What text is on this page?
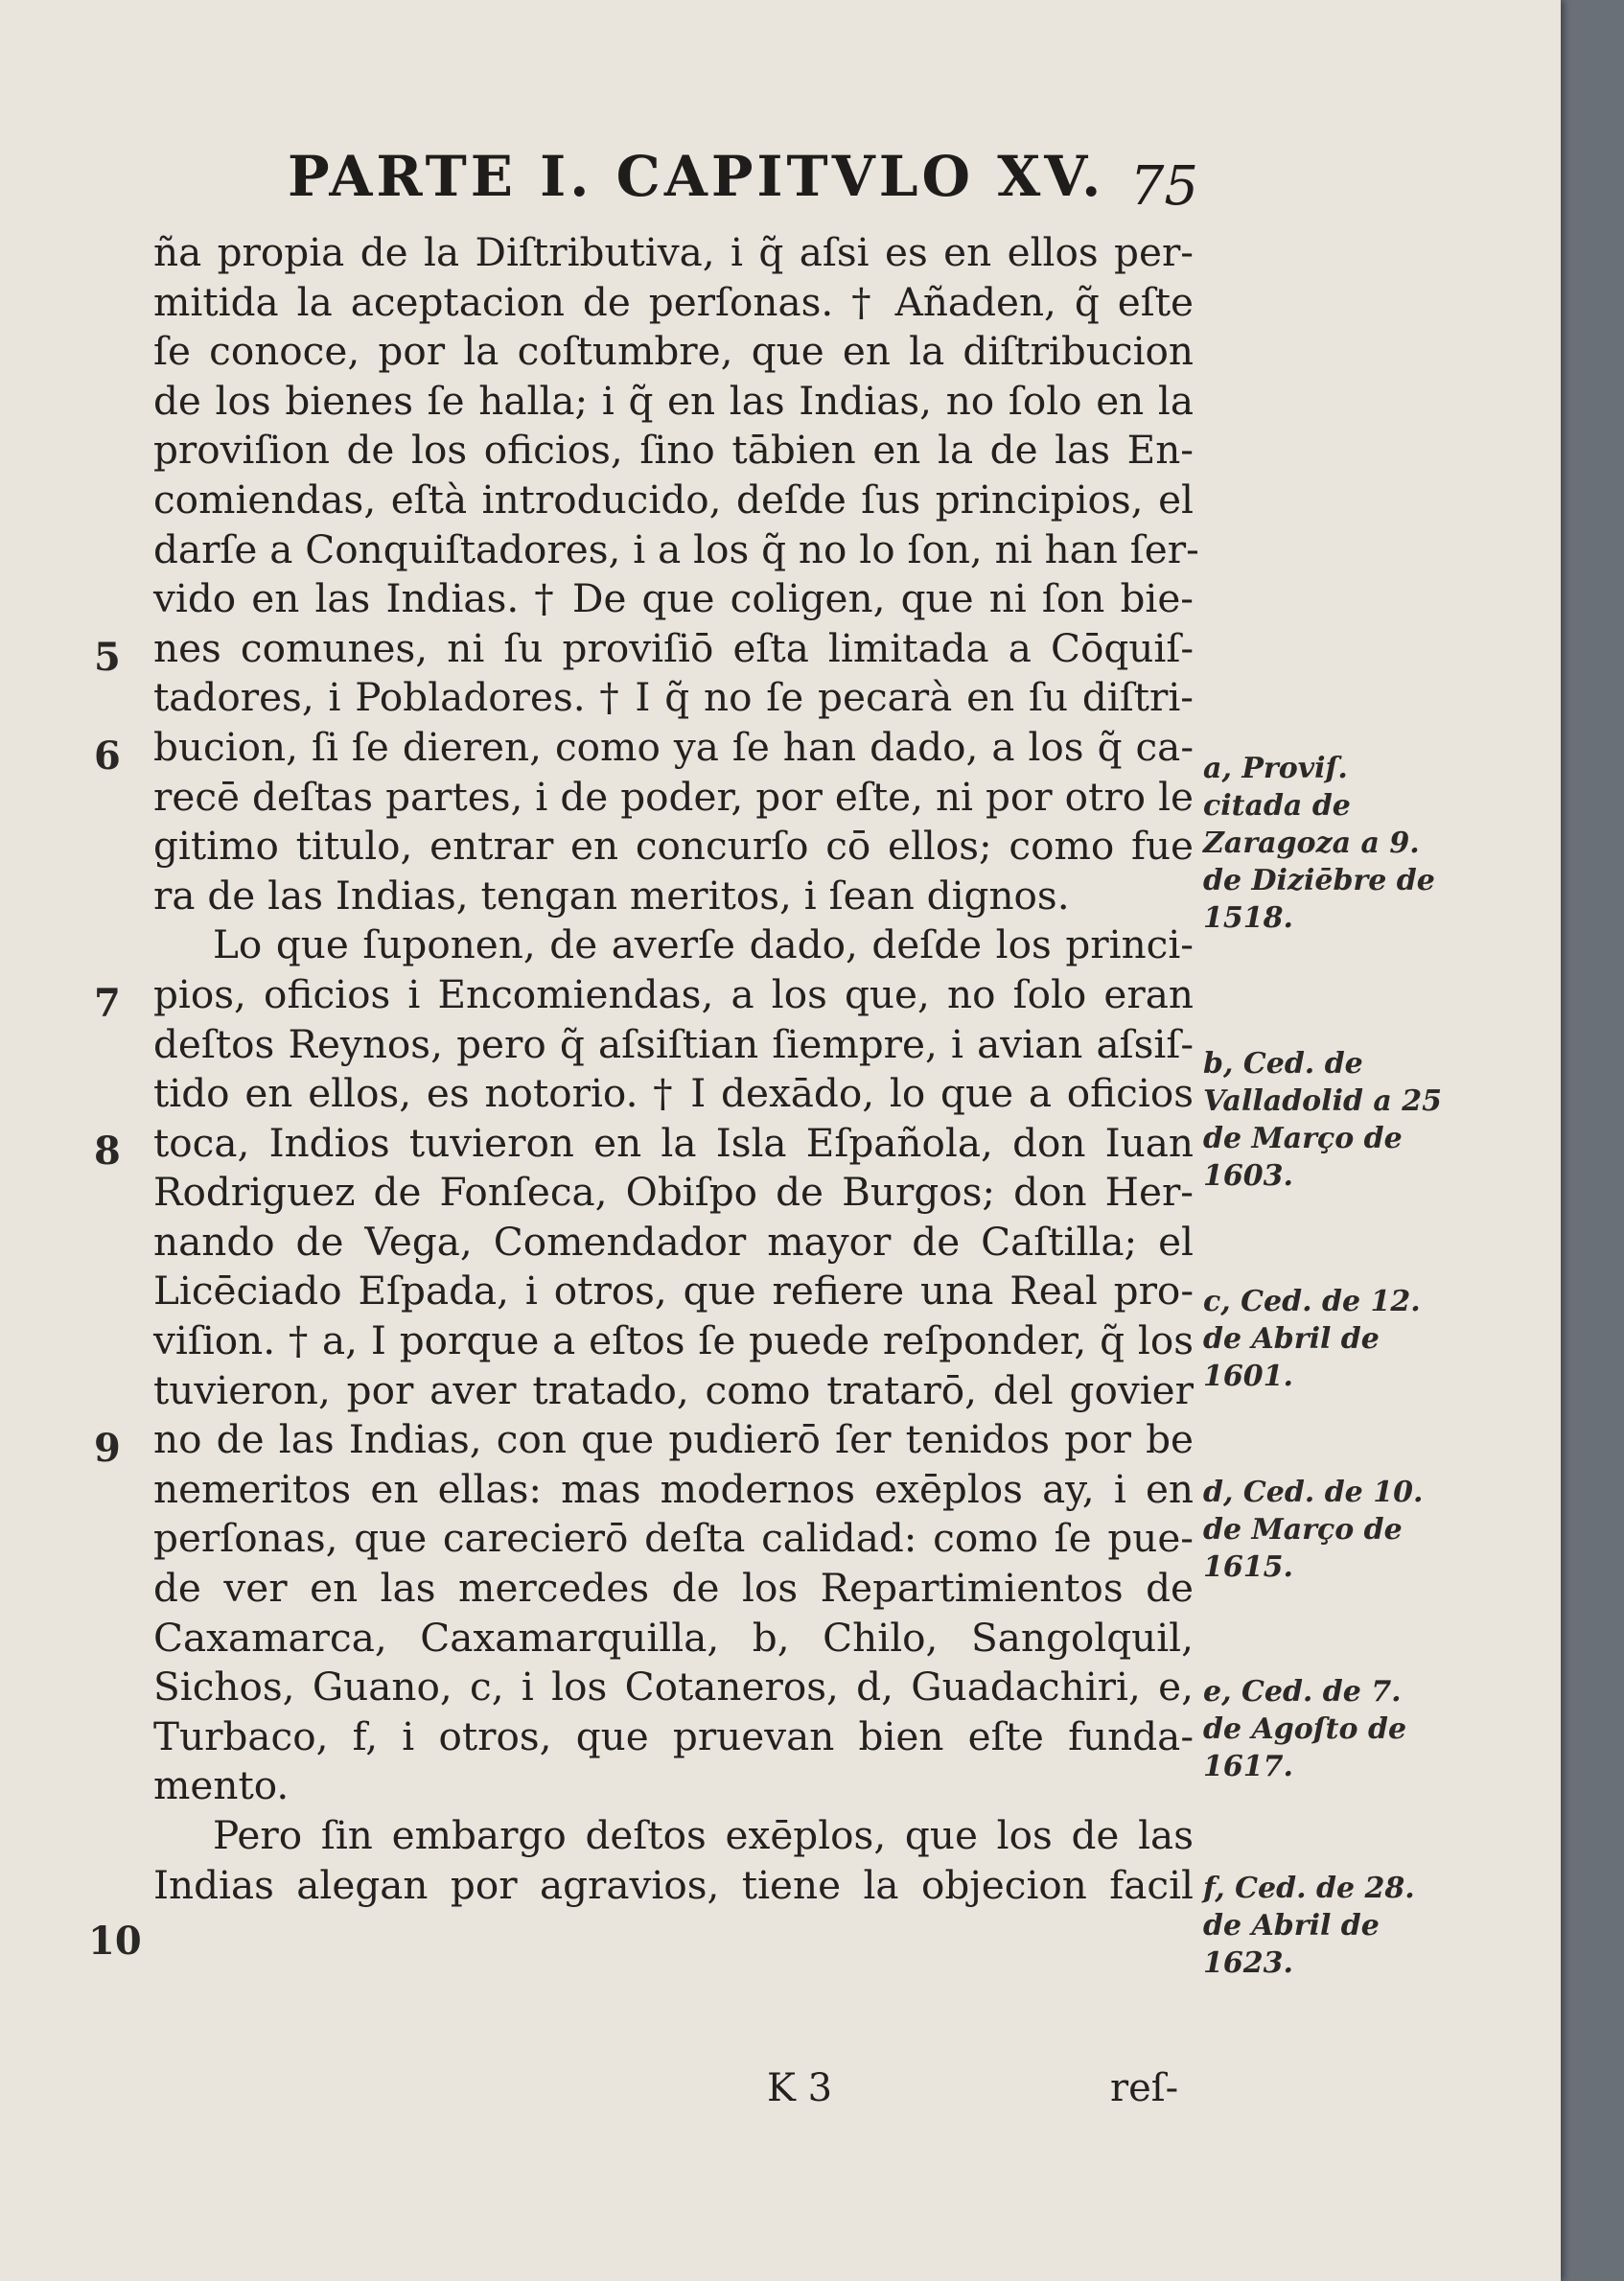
PARTE I. CAPITVLO XV. 75
5
6
7
8
9
10
ña propia de la Diſtributiva, i q̃ aſsi es en ellos per-
mitida la aceptacion de perſonas. † Añaden, q̃ eſte
ſe conoce, por la coſtumbre, que en la diſtribucion
de los bienes ſe halla; i q̃ en las Indias, no ſolo en la
proviſion de los oficios, ſino tābien en la de las En-
comiendas, eſtà introducido, deſde ſus principios, el
darſe a Conquiſtadores, i a los q̃ no lo ſon, ni han ſer-
vido en las Indias. † De que coligen, que ni ſon bie-
nes comunes, ni ſu proviſiō eſta limitada a Cōquiſ-
tadores, i Pobladores. † I q̃ no ſe pecarà en ſu diſtri-
bucion, ſi ſe dieren, como ya ſe han dado, a los q̃ ca-
recē deſtas partes, i de poder, por eſte, ni por otro le
gitimo titulo, entrar en concurſo cō ellos; como fue
ra de las Indias, tengan meritos, i ſean dignos.
Lo que ſuponen, de averſe dado, deſde los princi-
pios, oficios i Encomiendas, a los que, no ſolo eran
deſtos Reynos, pero q̃ aſsiſtian ſiempre, i avian aſsiſ-
tido en ellos, es notorio. † I dexādo, lo que a oficios
toca, Indios tuvieron en la Isla Eſpañola, don Iuan
Rodriguez de Fonſeca, Obiſpo de Burgos; don Her-
nando de Vega, Comendador mayor de Caſtilla; el
Licēciado Eſpada, i otros, que refiere una Real pro-
viſion. † a, I porque a eſtos ſe puede reſponder, q̃ los
tuvieron, por aver tratado, como tratarō, del govier
no de las Indias, con que pudierō ſer tenidos por be
nemeritos en ellas: mas modernos exēplos ay, i en
perſonas, que carecierō deſta calidad: como ſe pue-
de ver en las mercedes de los Repartimientos de
Caxamarca, Caxamarquilla, b, Chilo, Sangolquil,
Sichos, Guano, c, i los Cotaneros, d, Guadachiri, e,
Turbaco, f, i otros, que pruevan bien eſte funda-
mento.
Pero ſin embargo deſtos exēplos, que los de las
Indias alegan por agravios, tiene la objecion facil
a, Proviſ. citada de Zaragoza a 9. de Diziēbre de 1518.
b, Ced. de Valladolid a 25 de Março de 1603.
c, Ced. de 12. de Abril de 1601.
d, Ced. de 10. de Março de 1615.
e, Ced. de 7. de Agoſto de 1617.
f, Ced. de 28. de Abril de 1623.
K 3	reſ-
